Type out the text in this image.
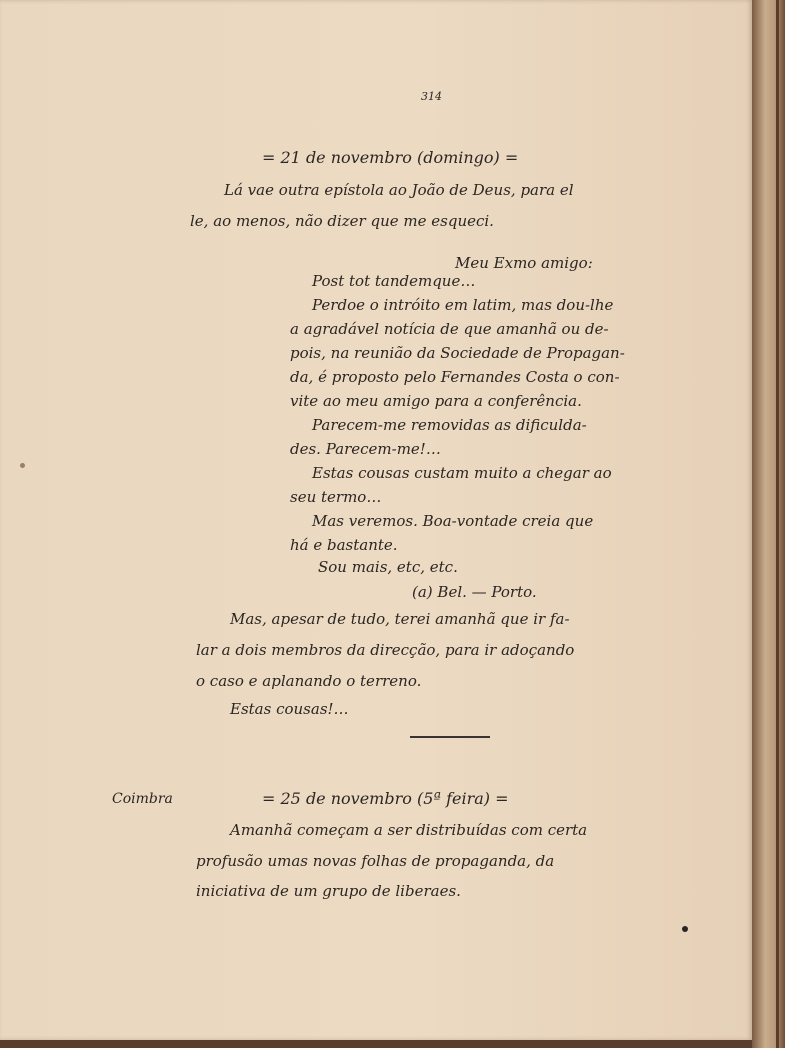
314
= 21 de novembro (domingo) =
Lá vae outra epístola ao João de Deus, para el
le, ao menos, não dizer que me esqueci.
Meu Exmo amigo:
Post tot tandemque…
Perdoe o intróito em latim, mas dou-lhe
a agradável notícia de que amanhã ou de-
pois, na reunião da Sociedade de Propagan-
da, é proposto pelo Fernandes Costa o con-
vite ao meu amigo para a conferência.
Parecem-me removidas as dificulda-
des. Parecem-me!…
Estas cousas custam muito a chegar ao
seu termo…
Mas veremos. Boa-vontade creia que
há e bastante.
Sou mais, etc, etc.
(a) Bel. — Porto.
Mas, apesar de tudo, terei amanhã que ir fa-
lar a dois membros da direcção, para ir adoçando
o caso e aplanando o terreno.
Estas cousas!…
Coimbra	= 25 de novembro (5ª feira) =
Amanhã começam a ser distribuídas com certa
profusão umas novas folhas de propaganda, da
iniciativa de um grupo de liberaes.
